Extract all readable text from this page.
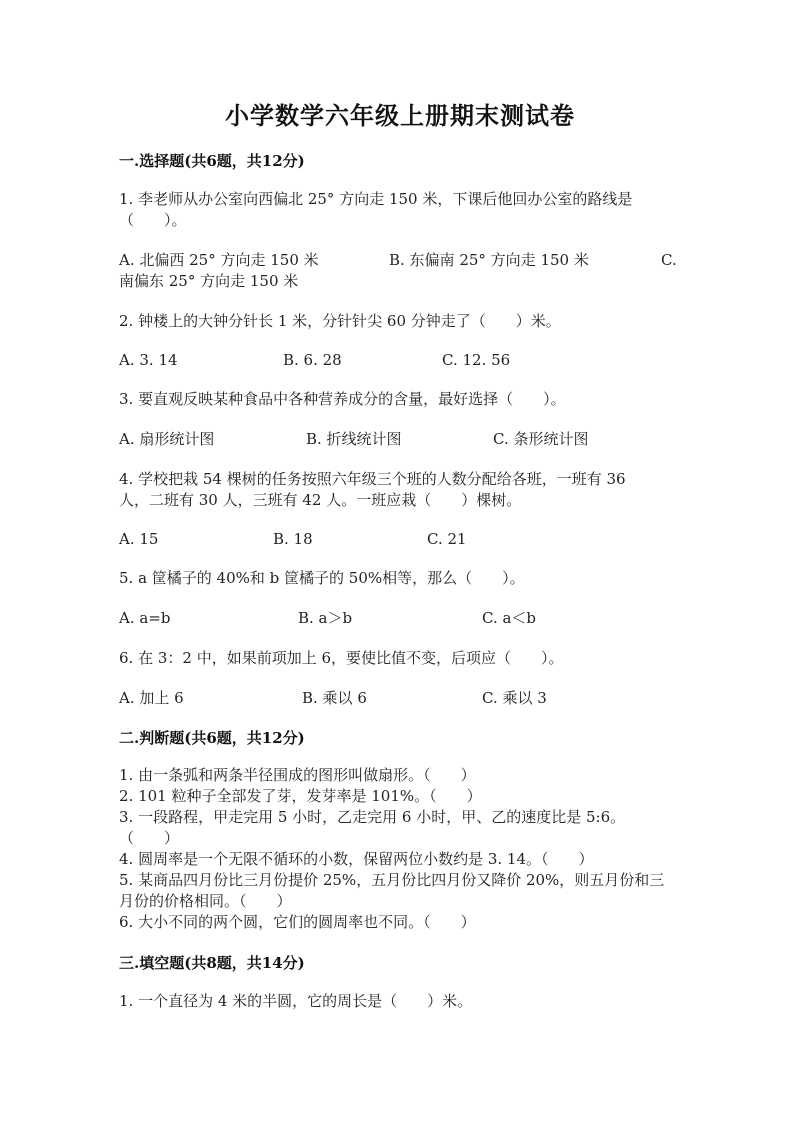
小学数学六年级上册期末测试卷
一.选择题(共6题，共12分)
1. 李老师从办公室向西偏北 25° 方向走 150 米，下课后他回办公室的路线是
（　　）。
A. 北偏西 25° 方向走 150 米	B. 东偏南 25° 方向走 150 米	C.
南偏东 25° 方向走 150 米
2. 钟楼上的大钟分针长 1 米，分针针尖 60 分钟走了（　　）米。
A. 3. 14	B. 6. 28	C. 12. 56
3. 要直观反映某种食品中各种营养成分的含量，最好选择（　　）。
A. 扇形统计图	B. 折线统计图	C. 条形统计图
4. 学校把栽 54 棵树的任务按照六年级三个班的人数分配给各班，一班有 36
人，二班有 30 人，三班有 42 人。一班应栽（　　）棵树。
A. 15	B. 18	C. 21
5. a 筐橘子的 40%和 b 筐橘子的 50%相等，那么（　　）。
A. a=b	B. a＞b	C. a＜b
6. 在 3：2 中，如果前项加上 6，要使比值不变，后项应（　　）。
A. 加上 6	B. 乘以 6	C. 乘以 3
二.判断题(共6题，共12分)
1. 由一条弧和两条半径围成的图形叫做扇形。（　　）
2. 101 粒种子全部发了芽，发芽率是 101%。（　　）
3. 一段路程，甲走完用 5 小时，乙走完用 6 小时，甲、乙的速度比是 5:6。
（　　）
4. 圆周率是一个无限不循环的小数，保留两位小数约是 3. 14。（　　）
5. 某商品四月份比三月份提价 25%，五月份比四月份又降价 20%，则五月份和三
月份的价格相同。（　　）
6. 大小不同的两个圆，它们的圆周率也不同。（　　）
三.填空题(共8题，共14分)
1. 一个直径为 4 米的半圆，它的周长是（　　）米。
